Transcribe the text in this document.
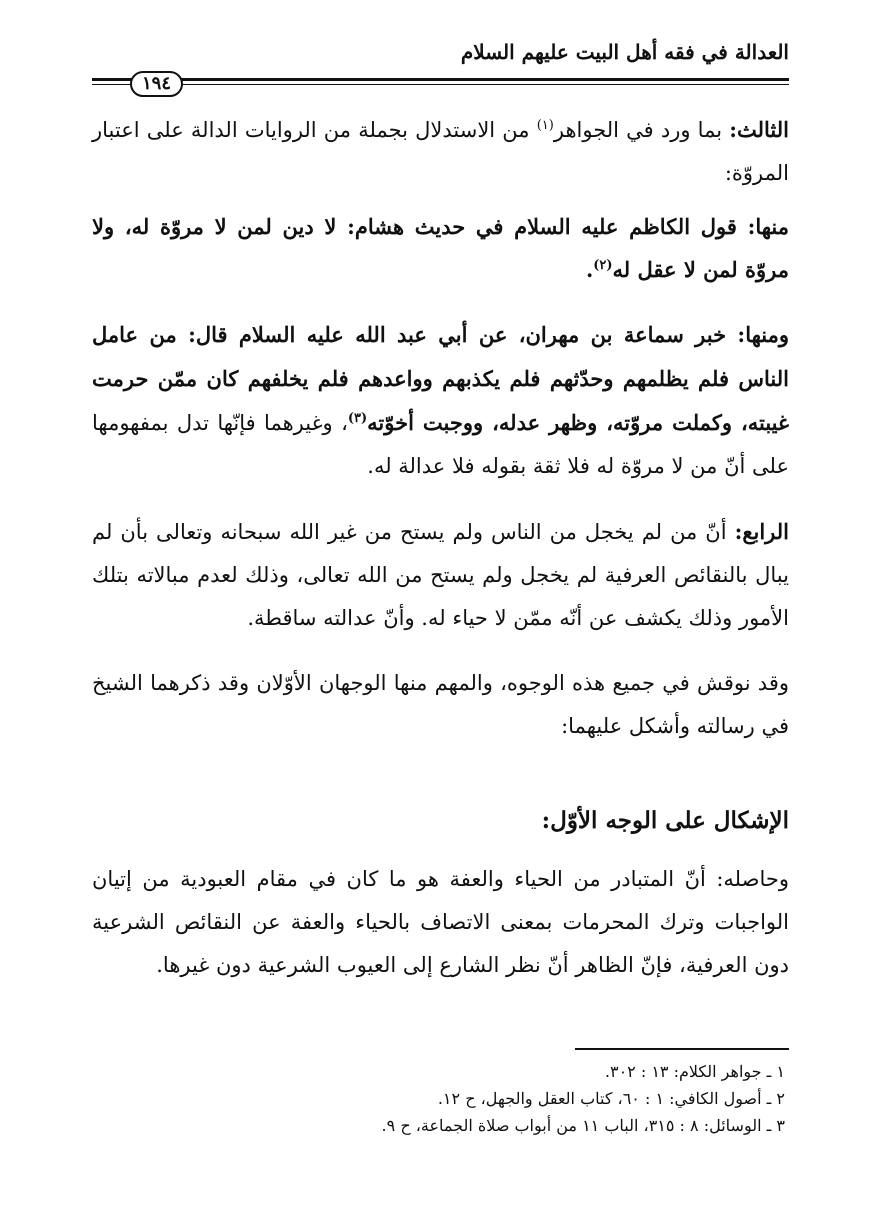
العدالة في فقه أهل البيت عليهم السلام
١٩٤

الثالث: بما ورد في الجواهر$^{(١)}$ من الاستدلال بجملة من الروايات الدالة على اعتبار المروّة:

منها: قول الكاظم عليه السلام في حديث هشام: لا دين لمن لا مروّة له، ولا مروّة لمن لا عقل له$^{(٢)}$.

ومنها: خبر سماعة بن مهران، عن أبي عبد الله عليه السلام قال: من عامل الناس فلم يظلمهم وحدّثهم فلم يكذبهم وواعدهم فلم يخلفهم كان ممّن حرمت غيبته، وكملت مروّته، وظهر عدله، ووجبت أخوّته$^{(٣)}$، وغيرهما فإنّها تدل بمفهومها على أنّ من لا مروّة له فلا ثقة بقوله فلا عدالة له.

الرابع: أنّ من لم يخجل من الناس ولم يستح من غير الله سبحانه وتعالى بأن لم يبال بالنقائص العرفية لم يخجل ولم يستح من الله تعالى، وذلك لعدم مبالاته بتلك الأمور وذلك يكشف عن أنّه ممّن لا حياء له. وأنّ عدالته ساقطة.

وقد نوقش في جميع هذه الوجوه، والمهم منها الوجهان الأوّلان وقد ذكرهما الشيخ في رسالته وأشكل عليهما:

الإشكال على الوجه الأوّل:

وحاصله: أنّ المتبادر من الحياء والعفة هو ما كان في مقام العبودية من إتيان الواجبات وترك المحرمات بمعنى الاتصاف بالحياء والعفة عن النقائص الشرعية دون العرفية، فإنّ الظاهر أنّ نظر الشارع إلى العيوب الشرعية دون غيرها.

١ ـ جواهر الكلام: ١٣ : ٣٠٢.
٢ ـ أصول الكافي: ١ : ٦٠، كتاب العقل والجهل، ح ١٢.
٣ ـ الوسائل: ٨ : ٣١٥، الباب ١١ من أبواب صلاة الجماعة، ح ٩.
